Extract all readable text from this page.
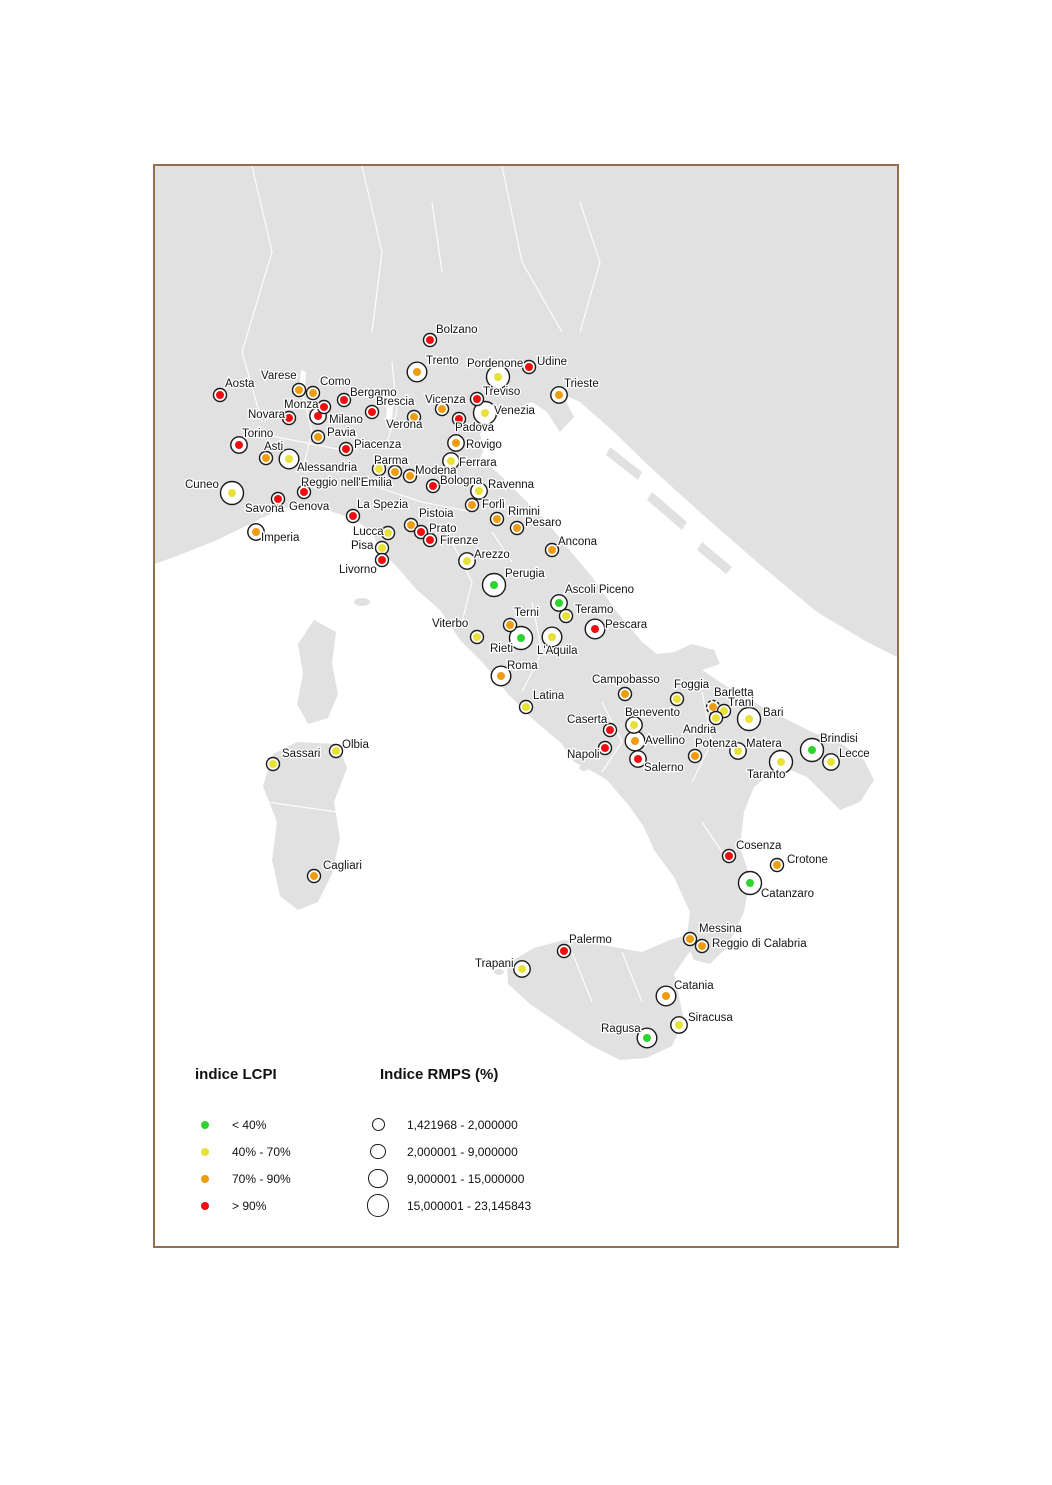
Aosta
Varese Como
Bergamo
Brescia
Monza
Milano
Novara
Pavia
Torino
Asti
Alessandria
Piacenza
Cuneo
Savona Genova
Imperia
La Spezia
Bolzano
Trento Pordenone Udine
Trieste
Treviso
Vicenza
Venezia
Verona	Padova
Rovigo
Ferrara
Parma
Reggio nell'Emilia
Modena
Bologna Ravenna
Forlì
Rimini
Pesaro
Pistoia
Prato
Firenze
Lucca
Pisa
Livorno
Arezzo
Ancona
Perugia
Ascoli Piceno
Teramo
Terni
Viterbo
Rieti L'Aquila
Pescara
Roma
Latina
Campobasso Foggia
Caserta
Benevento
Avellino
Napoli
Salerno
Barletta
Trani
Andria
Bari
Potenza Matera
Taranto
Brindisi
Lecce
Sassari
Olbia
Cagliari
Cosenza
Crotone
Catanzaro
Messina
Reggio di Calabria
Palermo
Trapani
Catania
Siracusa
Ragusa
indice LCPI
< 40%
40% - 70%
70% - 90%
> 90%
Indice RMPS (%)
1,421968 - 2,000000
2,000001 - 9,000000
9,000001 - 15,000000
15,000001 - 23,145843
